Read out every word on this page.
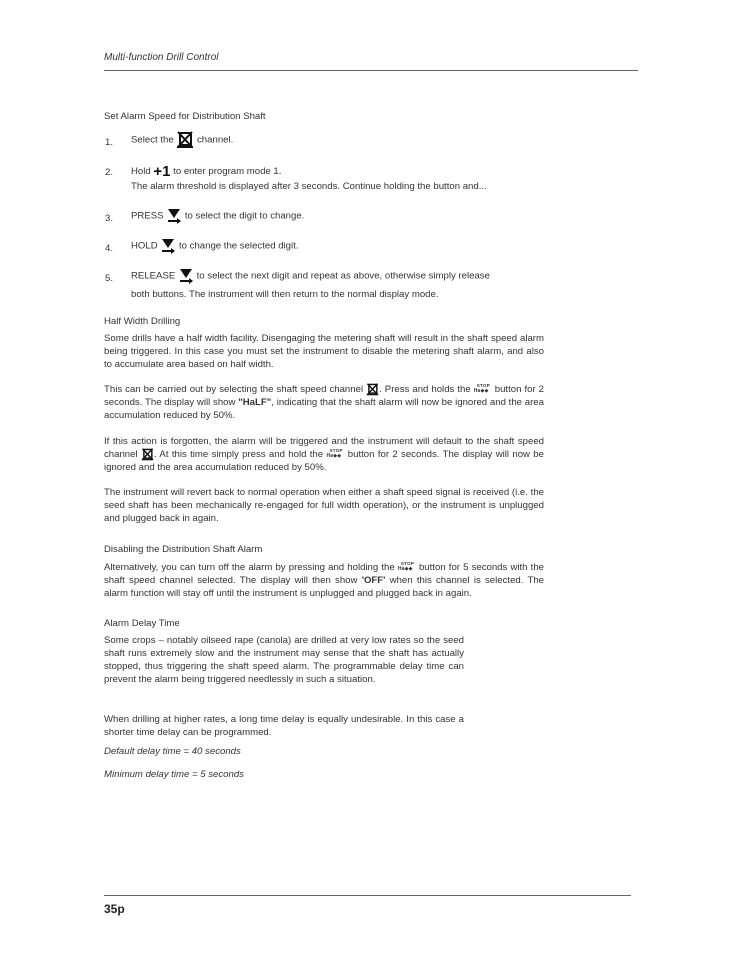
Multi-function Drill Control
Set Alarm Speed for Distribution Shaft
1. Select the  channel.
2. Hold +1 to enter program mode 1.
The alarm threshold is displayed after 3 seconds. Continue holding the button and...
3. PRESS  to select the digit to change.
4. HOLD  to change the selected digit.
5. RELEASE  to select the next digit and repeat as above, otherwise simply release
both buttons. The instrument will then return to the normal display mode.
Half Width Drilling
Some drills have a half width facility. Disengaging the metering shaft will result in the shaft speed alarm being triggered. In this case you must set the instrument to disable the metering shaft alarm, and also to accumulate area based on half width.
This can be carried out by selecting the shaft speed channel . Press and holds the STOP
Ha◆◆ button for 2 seconds. The display will show "HaLF", indicating that the shaft alarm will now be ignored and the area accumulation reduced by 50%.
If this action is forgotten, the alarm will be triggered and the instrument will default to the shaft speed channel . At this time simply press and hold the STOP
Ha◆◆ button for 2 seconds. The display will now be ignored and the area accumulation reduced by 50%.
The instrument will revert back to normal operation when either a shaft speed signal is received (i.e. the seed shaft has been mechanically re-engaged for full width operation), or the instrument is unplugged and plugged back in again.
Disabling the Distribution Shaft Alarm
Alternatively, you can turn off the alarm by pressing and holding the STOP
Ha◆◆ button for 5 seconds with the shaft speed channel selected. The display will then show 'OFF' when this channel is selected. The alarm function will stay off until the instrument is unplugged and plugged back in again.
Alarm Delay Time
Some crops – notably oilseed rape (canola) are drilled at very low rates so the seed shaft runs extremely slow and the instrument may sense that the shaft has actually stopped, thus triggering the shaft speed alarm. The programmable delay time can prevent the alarm being triggered needlessly in such a situation.
When drilling at higher rates, a long time delay is equally undesirable. In this case a shorter time delay can be programmed.
Default delay time = 40 seconds
Minimum delay time = 5 seconds
35p
